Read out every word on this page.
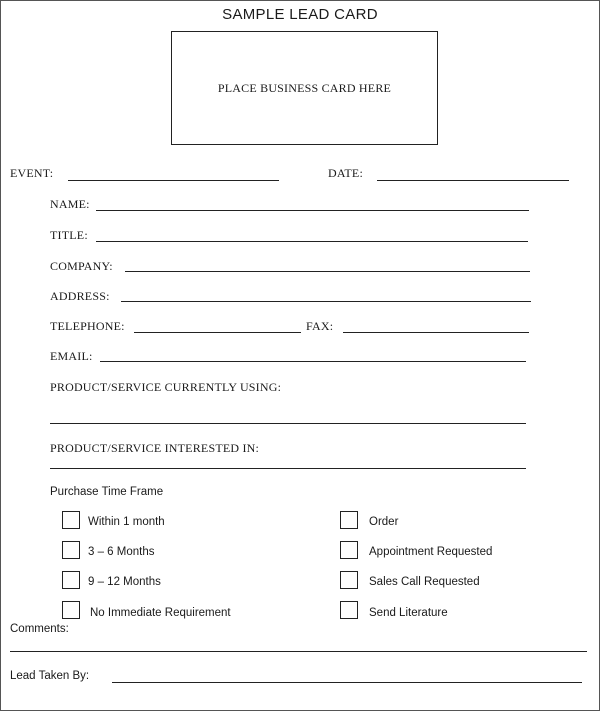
SAMPLE LEAD CARD
PLACE BUSINESS CARD HERE
EVENT:	DATE:
NAME:
TITLE:
COMPANY:
ADDRESS:
TELEPHONE:	FAX:
EMAIL:
PRODUCT/SERVICE CURRENTLY USING:
PRODUCT/SERVICE INTERESTED IN:
Purchase Time Frame
Within 1 month
3 – 6 Months
9 – 12 Months
No Immediate Requirement
Order
Appointment Requested
Sales Call Requested
Send Literature
Comments:
Lead Taken By:
